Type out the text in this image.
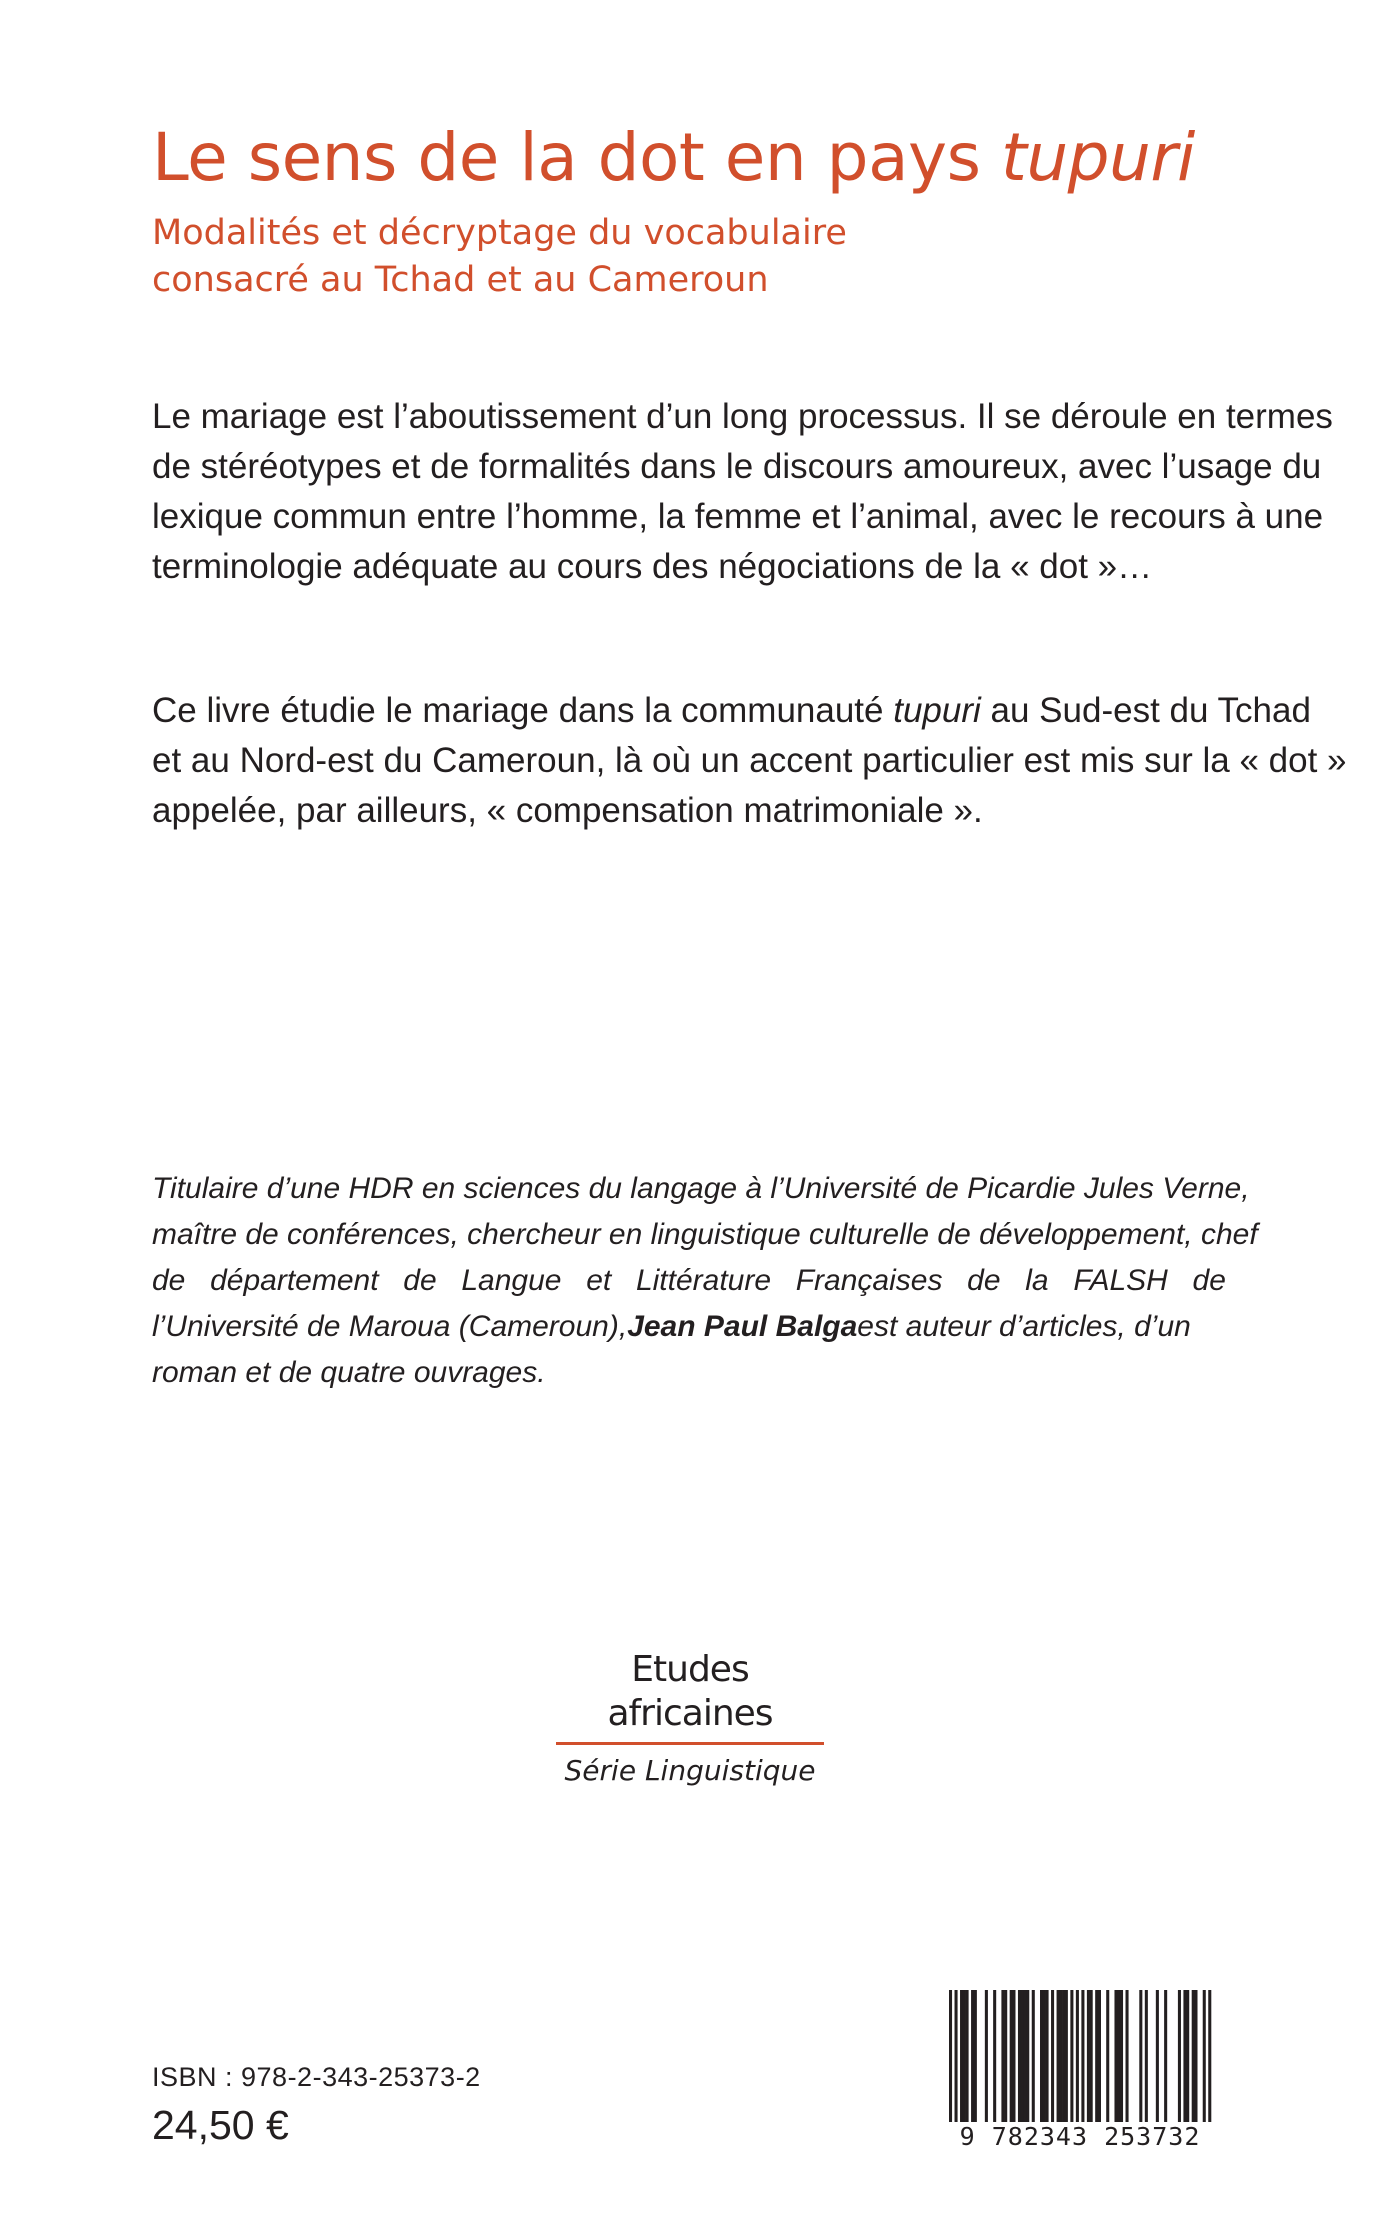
Le sens de la dot en pays tupuri
Modalités et décryptage du vocabulaire
consacré au Tchad et au Cameroun
Le mariage est l’aboutissement d’un long processus. Il se déroule en termes
de stéréotypes et de formalités dans le discours amoureux, avec l’usage du
lexique commun entre l’homme, la femme et l’animal, avec le recours à une
terminologie adéquate au cours des négociations de la « dot »…
Ce livre étudie le mariage dans la communauté tupuri au Sud-est du Tchad
et au Nord-est du Cameroun, là où un accent particulier est mis sur la « dot »
appelée, par ailleurs, « compensation matrimoniale ».
Titulaire d’une HDR en sciences du langage à l’Université de Picardie Jules Verne,
maître de conférences, chercheur en linguistique culturelle de développement, chef
de département de Langue et Littérature Françaises de la FALSH de
l’Université de Maroua (Cameroun), Jean Paul Balga est auteur d’articles, d’un
roman et de quatre ouvrages.
Etudes africaines
Série Linguistique
ISBN : 978-2-343-25373-2
24,50 €	9 782343 253732
